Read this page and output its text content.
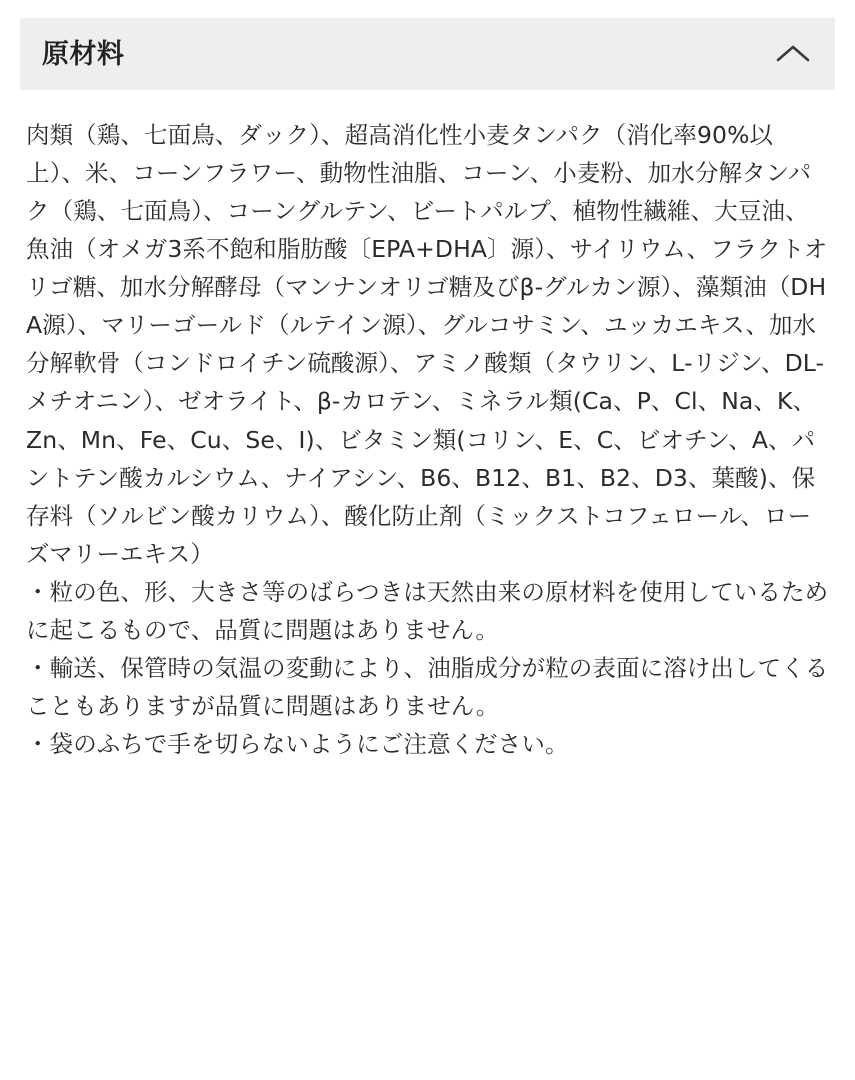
原材料

肉類（鶏、七面鳥、ダック）、超高消化性小麦タンパク（消化率90%以上）、米、コーンフラワー、動物性油脂、コーン、小麦粉、加水分解タンパク（鶏、七面鳥）、コーングルテン、ビートパルプ、植物性繊維、大豆油、魚油（オメガ3系不飽和脂肪酸〔EPA+DHA〕源）、サイリウム、フラクトオリゴ糖、加水分解酵母（マンナンオリゴ糖及びβ-グルカン源）、藻類油（DHA源）、マリーゴールド（ルテイン源）、グルコサミン、ユッカエキス、加水分解軟骨（コンドロイチン硫酸源）、アミノ酸類（タウリン、L-リジン、DL-メチオニン）、ゼオライト、β-カロテン、ミネラル類(Ca、P、Cl、Na、K、Zn、Mn、Fe、Cu、Se、I)、ビタミン類(コリン、E、C、ビオチン、A、パントテン酸カルシウム、ナイアシン、B6、B12、B1、B2、D3、葉酸)、保存料（ソルビン酸カリウム）、酸化防止剤（ミックストコフェロール、ローズマリーエキス）

・粒の色、形、大きさ等のばらつきは天然由来の原材料を使用しているために起こるもので、品質に問題はありません。
・輸送、保管時の気温の変動により、油脂成分が粒の表面に溶け出してくることもありますが品質に問題はありません。
・袋のふちで手を切らないようにご注意ください。
